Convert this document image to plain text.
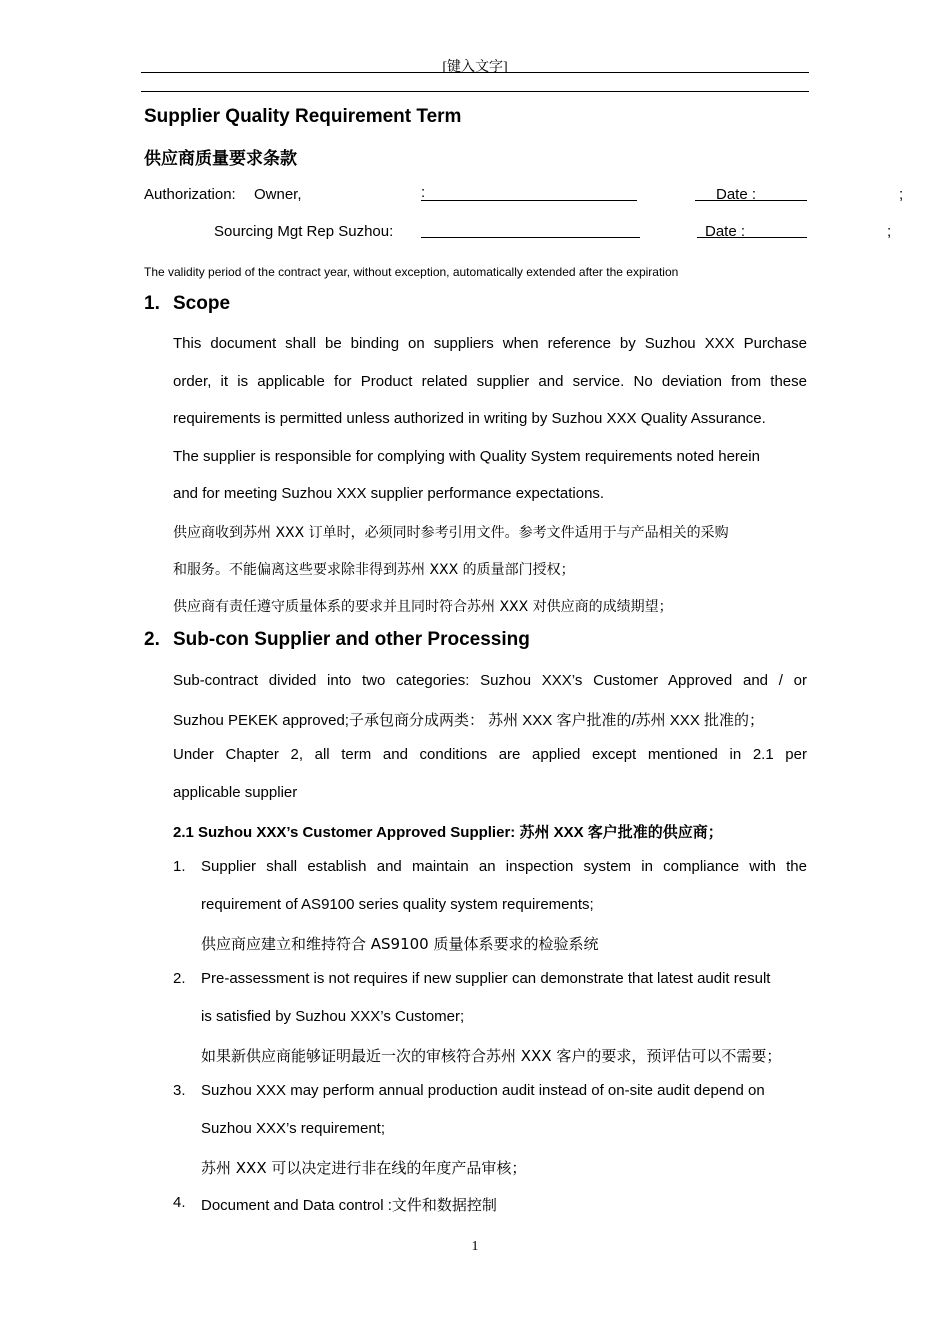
[键入文字]
Supplier Quality Requirement Term
供应商质量要求条款
Authorization: Owner,	:	Date :	;
Sourcing Mgt Rep Suzhou:	Date :	;
The validity period of the contract year, without exception, automatically extended after the expiration
1. Scope
This document shall be binding on suppliers when reference by Suzhou XXX Purchase
order, it is applicable for Product related supplier and service. No deviation from these
requirements is permitted unless authorized in writing by Suzhou XXX Quality Assurance.
The supplier is responsible for complying with Quality System requirements noted herein
and for meeting Suzhou XXX supplier performance expectations.
供应商收到苏州 XXX 订单时，必须同时参考引用文件。参考文件适用于与产品相关的采购
和服务。不能偏离这些要求除非得到苏州 XXX 的质量部门授权；
供应商有责任遵守质量体系的要求并且同时符合苏州 XXX 对供应商的成绩期望；
2. Sub-con Supplier and other Processing
Sub-contract divided into two categories: Suzhou XXX’s Customer Approved and / or
Suzhou PEKEK approved;子承包商分成两类： 苏州 XXX 客户批准的/苏州 XXX 批准的；
Under Chapter 2, all term and conditions are applied except mentioned in 2.1 per
applicable supplier
2.1 Suzhou XXX’s Customer Approved Supplier: 苏州 XXX 客户批准的供应商；
1. Supplier shall establish and maintain an inspection system in compliance with the
requirement of AS9100 series quality system requirements;
供应商应建立和维持符合 AS9100 质量体系要求的检验系统
2. Pre-assessment is not requires if new supplier can demonstrate that latest audit result
is satisfied by Suzhou XXX’s Customer;
如果新供应商能够证明最近一次的审核符合苏州 XXX 客户的要求，预评估可以不需要；
3. Suzhou XXX may perform annual production audit instead of on-site audit depend on
Suzhou XXX’s requirement;
苏州 XXX 可以决定进行非在线的年度产品审核；
4. Document and Data control :文件和数据控制
1
